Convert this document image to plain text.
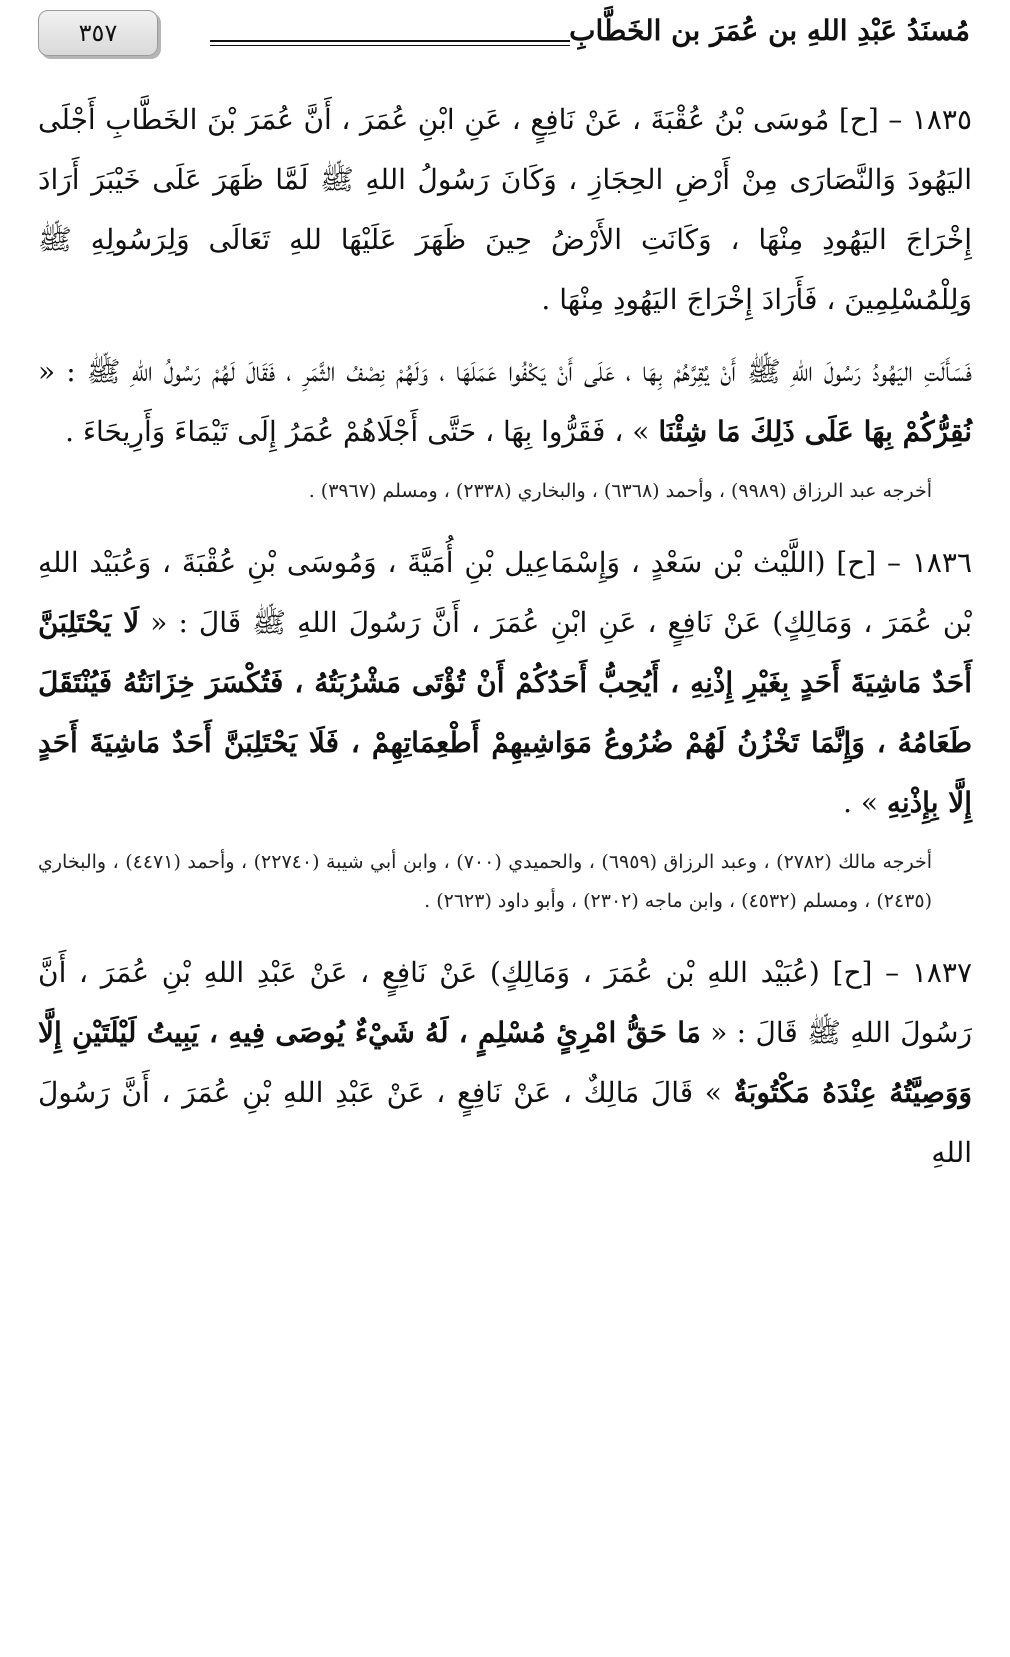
مُسنَدُ عَبْدِ اللهِ بن عُمَرَ بن الخَطَّابِ
٣٥٧

١٨٣٥ – [ح] مُوسَى بْنُ عُقْبَةَ ، عَنْ نَافِعٍ ، عَنِ ابْنِ عُمَرَ ، أَنَّ عُمَرَ بْنَ الخَطَّابِ أَجْلَى اليَهُودَ وَالنَّصَارَى مِنْ أَرْضِ الحِجَازِ ، وَكَانَ رَسُولُ اللهِ ﷺ لَمَّا ظَهَرَ عَلَى خَيْبَرَ أَرَادَ إِخْرَاجَ اليَهُودِ مِنْهَا ، وَكَانَتِ الأَرْضُ حِينَ ظَهَرَ عَلَيْهَا للهِ تَعَالَى وَلِرَسُولِهِ ﷺ وَلِلْمُسْلِمِينَ ، فَأَرَادَ إِخْرَاجَ اليَهُودِ مِنْهَا .

فَسَأَلَتِ اليَهُودُ رَسُولَ اللهِ ﷺ أَنْ يُقِرَّهُمْ بِهَا ، عَلَى أَنْ يَكْفُوا عَمَلَهَا ، وَلَهُمْ نِصْفُ الثَّمَرِ ، فَقَالَ لَهُمْ رَسُولُ اللهِ ﷺ : « نُقِرُّكُمْ بِهَا عَلَى ذَلِكَ مَا شِئْنَا » ، فَقَرُّوا بِهَا ، حَتَّى أَجْلَاهُمْ عُمَرُ إِلَى تَيْمَاءَ وَأَرِيحَاءَ .

أخرجه عبد الرزاق (٩٩٨٩) ، وأحمد (٦٣٦٨) ، والبخاري (٢٣٣٨) ، ومسلم (٣٩٦٧) .

١٨٣٦ – [ح] (اللَّيْث بْن سَعْدٍ ، وَإِسْمَاعِيل بْنِ أُمَيَّةَ ، وَمُوسَى بْنِ عُقْبَةَ ، وَعُبَيْد اللهِ بْن عُمَرَ ، وَمَالِكٍ) عَنْ نَافِعٍ ، عَنِ ابْنِ عُمَرَ ، أَنَّ رَسُولَ اللهِ ﷺ قَالَ : « لَا يَحْتَلِبَنَّ أَحَدٌ مَاشِيَةَ أَحَدٍ بِغَيْرِ إِذْنِهِ ، أَيُحِبُّ أَحَدُكُمْ أَنْ تُؤْتَى مَشْرُبَتُهُ ، فَتُكْسَرَ خِزَانَتُهُ فَيُنْتَقَلَ طَعَامُهُ ، وَإِنَّمَا تَخْزُنُ لَهُمْ ضُرُوعُ مَوَاشِيهِمْ أَطْعِمَاتِهِمْ ، فَلَا يَحْتَلِبَنَّ أَحَدٌ مَاشِيَةَ أَحَدٍ إِلَّا بِإِذْنِهِ » .

أخرجه مالك (٢٧٨٢) ، وعبد الرزاق (٦٩٥٩) ، والحميدي (٧٠٠) ، وابن أبي شيبة (٢٢٧٤٠) ، وأحمد (٤٤٧١) ، والبخاري (٢٤٣٥) ، ومسلم (٤٥٣٢) ، وابن ماجه (٢٣٠٢) ، وأبو داود (٢٦٢٣) .

١٨٣٧ – [ح] (عُبَيْد اللهِ بْن عُمَرَ ، وَمَالِكٍ) عَنْ نَافِعٍ ، عَنْ عَبْدِ اللهِ بْنِ عُمَرَ ، أَنَّ رَسُولَ اللهِ ﷺ قَالَ : « مَا حَقُّ امْرِئٍ مُسْلِمٍ ، لَهُ شَيْءٌ يُوصَى فِيهِ ، يَبِيتُ لَيْلَتَيْنِ إِلَّا وَوَصِيَّتُهُ عِنْدَهُ مَكْتُوبَةٌ » قَالَ مَالِكٌ ، عَنْ نَافِعٍ ، عَنْ عَبْدِ اللهِ بْنِ عُمَرَ ، أَنَّ رَسُولَ اللهِ
